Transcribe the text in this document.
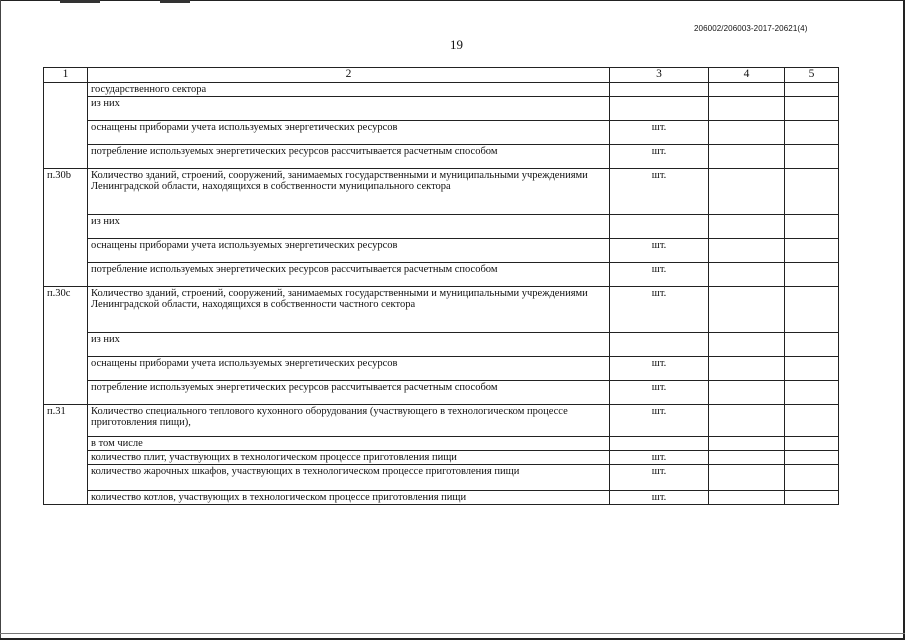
206002/206003-2017-20621(4)
19
1	2	3	4	5
	государственного сектора			
	из них			
	оснащены приборами учета используемых энергетических ресурсов	шт.		
	потребление используемых энергетических ресурсов рассчитывается расчетным способом	шт.		
п.30b	Количество зданий, строений, сооружений, занимаемых государственными и муниципальными учреждениями Ленинградской области, находящихся в собственности муниципального сектора	шт.		
	из них			
	оснащены приборами учета используемых энергетических ресурсов	шт.		
	потребление используемых энергетических ресурсов рассчитывается расчетным способом	шт.		
п.30c	Количество зданий, строений, сооружений, занимаемых государственными и муниципальными учреждениями Ленинградской области, находящихся в собственности частного сектора	шт.		
	из них			
	оснащены приборами учета используемых энергетических ресурсов	шт.		
	потребление используемых энергетических ресурсов рассчитывается расчетным способом	шт.		
п.31	Количество специального теплового кухонного оборудования (участвующего в технологическом процессе приготовления пищи),	шт.		
	в том числе			
	количество плит, участвующих в технологическом процессе приготовления пищи	шт.		
	количество жарочных шкафов, участвующих в технологическом процессе приготовления пищи	шт.		
	количество котлов, участвующих в технологическом процессе приготовления пищи	шт.		
